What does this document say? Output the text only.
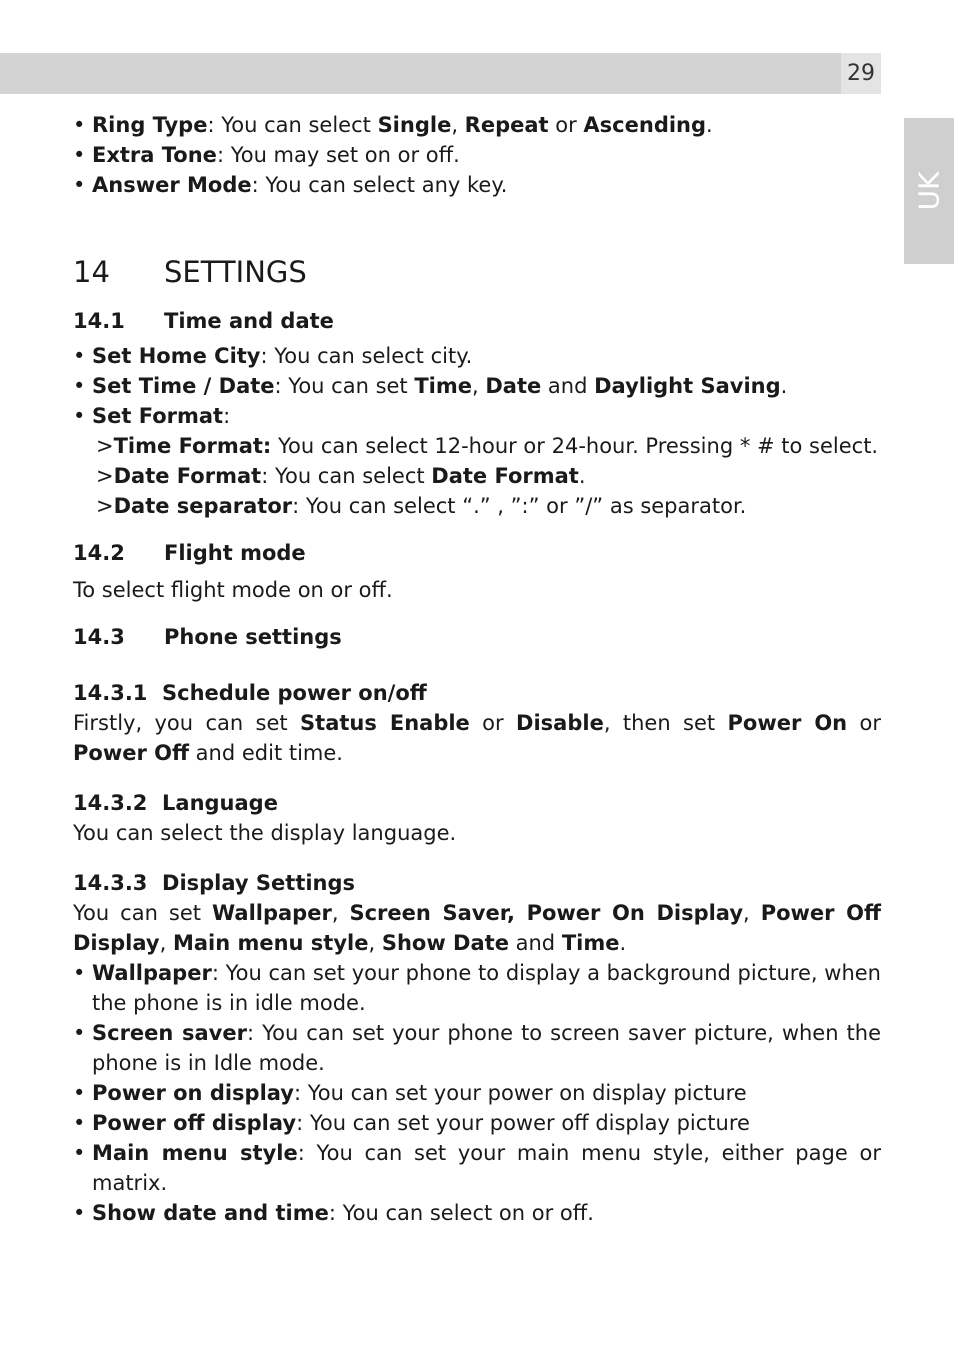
29
UK

• Ring Type: You can select Single, Repeat or Ascending.

• Extra Tone: You may set on or off.

• Answer Mode: You can select any key.

14 SETTINGS
14.1 Time and date

• Set Home City: You can select city.

• Set Time / Date: You can set Time, Date and Daylight Saving.

• Set Format:

>Time Format: You can select 12-hour or 24-hour. Pressing * # to select.

>Date Format: You can select Date Format.

>Date separator: You can select “.” , ”:” or ”/” as separator.

14.2 Flight mode

To select flight mode on or off.

14.3 Phone settings
14.3.1  Schedule power on/off

Firstly, you can set Status Enable or Disable, then set Power On or Power Off and edit time.

14.3.2  Language

You can select the display language.

14.3.3  Display Settings

You can set Wallpaper, Screen Saver, Power On Display, Power Off Display, Main menu style, Show Date and Time.

• Wallpaper: You can set your phone to display a background picture, when the phone is in idle mode.

• Screen saver: You can set your phone to screen saver picture, when the phone is in Idle mode.

• Power on display: You can set your power on display picture

• Power off display: You can set your power off display picture

• Main menu style: You can set your main menu style, either page or matrix.

• Show date and time: You can select on or off.
